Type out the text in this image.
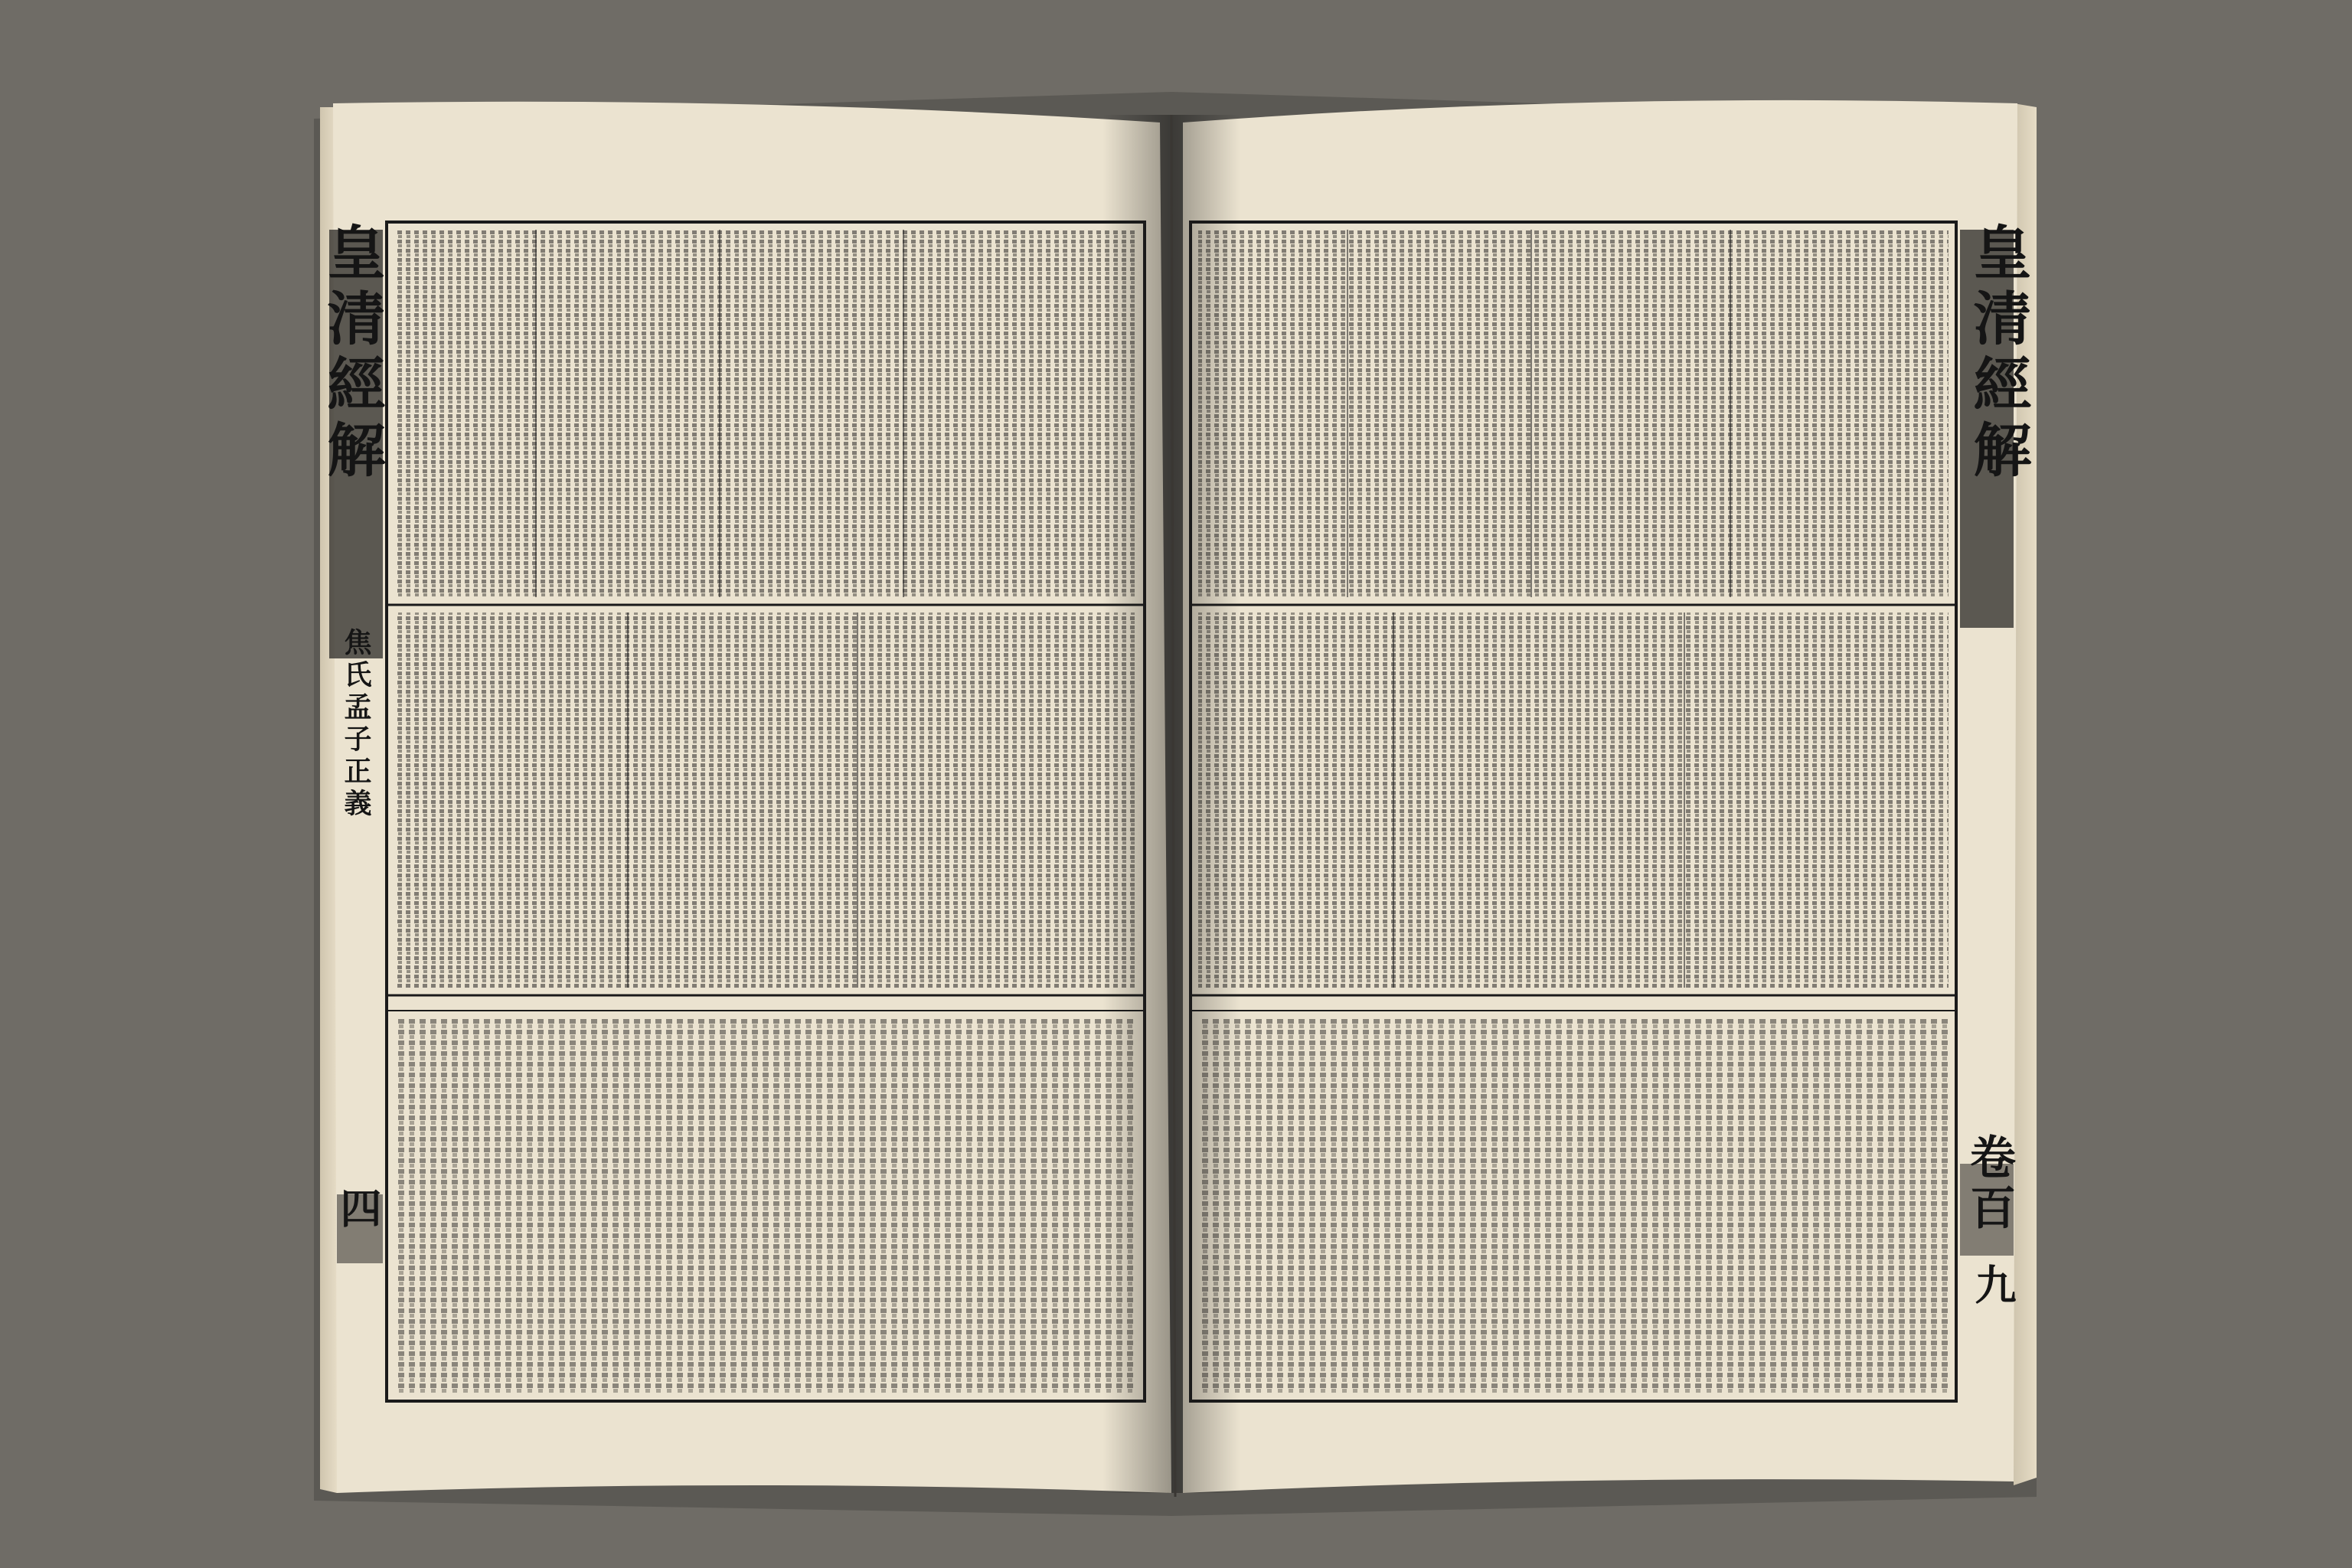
皇清經解
焦氏孟子正義
四
皇清經解
卷百
九
